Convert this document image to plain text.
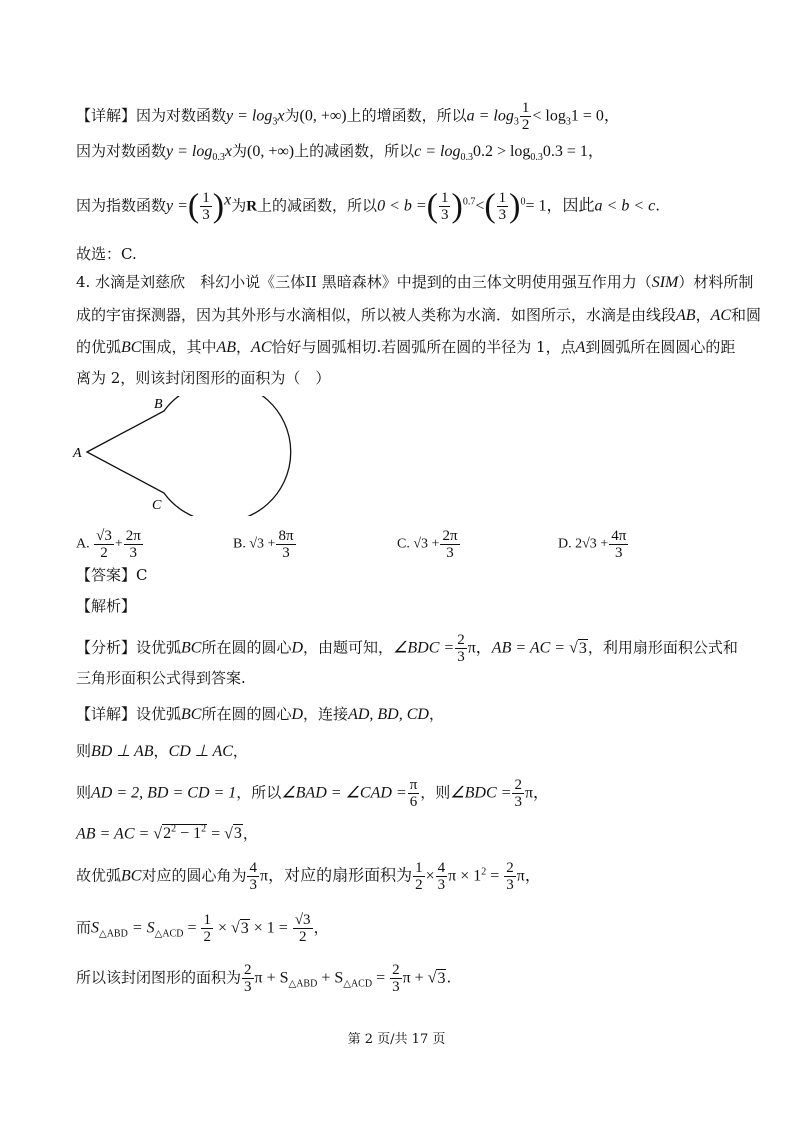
【详解】因为对数函数$y = \log_3x$为(0, +∞)上的增函数，所以$a = \log_3 \frac{1}{2} < \log_31 = 0$，
因为对数函数$y = \log_{0.3}x$为(0, +∞)上的减函数，所以$c = \log_{0.3}0.2 > \log_{0.3}0.3 = 1$，
因为指数函数y =( $\frac{1}{3} )^x$为R上的减函数，所以0 < b =( $\frac{1}{3} )^{0.7}<( \frac{1}{3} )^0= 1$，因此a < b < c.
故选：C.
4. 水滴是刘慈欣　科幻小说《三体II 黑暗森林》中提到的由三体文明使用强互作用力（SIM）材料所制
成的宇宙探测器，因为其外形与水滴相似，所以被人类称为水滴．如图所示，水滴是由线段AB，AC和圆
的优弧BC围成，其中AB，AC恰好与圆弧相切.若圆弧所在圆的半径为 1，点A到圆弧所在圆圆心的距
离为 2，则该封闭图形的面积为（　）
B
A
C
A. $\frac{√3}{2} + \frac{2\pi}{3}$	B. $√3 + \frac{8\pi}{3}$	C. $√3 + \frac{2\pi}{3}$	D. $2√3 + \frac{4\pi}{3}$
【答案】C
【解析】
【分析】设优弧BC所在圆的圆心D，由题可知，∠BDC = $\frac{2}{3}$ π，AB = AC = √3，利用扇形面积公式和
三角形面积公式得到答案.
【详解】设优弧BC所在圆的圆心D，连接AD, BD, CD，
则BD ⊥ AB，CD ⊥ AC，
则AD = 2, BD = CD = 1，所以∠BAD = ∠CAD = $\frac{\pi}{6}$ ，则∠BDC = $\frac{2}{3}$ π，
AB = AC = $√2^2 - 1^2 = √3$，
故优弧BC对应的圆心角为 $\frac{4}{3}$ π，对应的扇形面积为 $\frac{1}{2} \times \frac{4}{3}$ $\pi \times 1^2 = \frac{2}{3}$ π，
而$S_{\triangle ABD} = S_{\triangle ACD} = \frac{1}{2} \times √3 \times 1 = \frac{√3}{2}$ ，
所以该封闭图形的面积为 $\frac{2}{3}$ $\pi + S_{\triangle ABD} + S_{\triangle ACD} = \frac{2}{3}$ π + √3.
第 2 页/共 17 页
